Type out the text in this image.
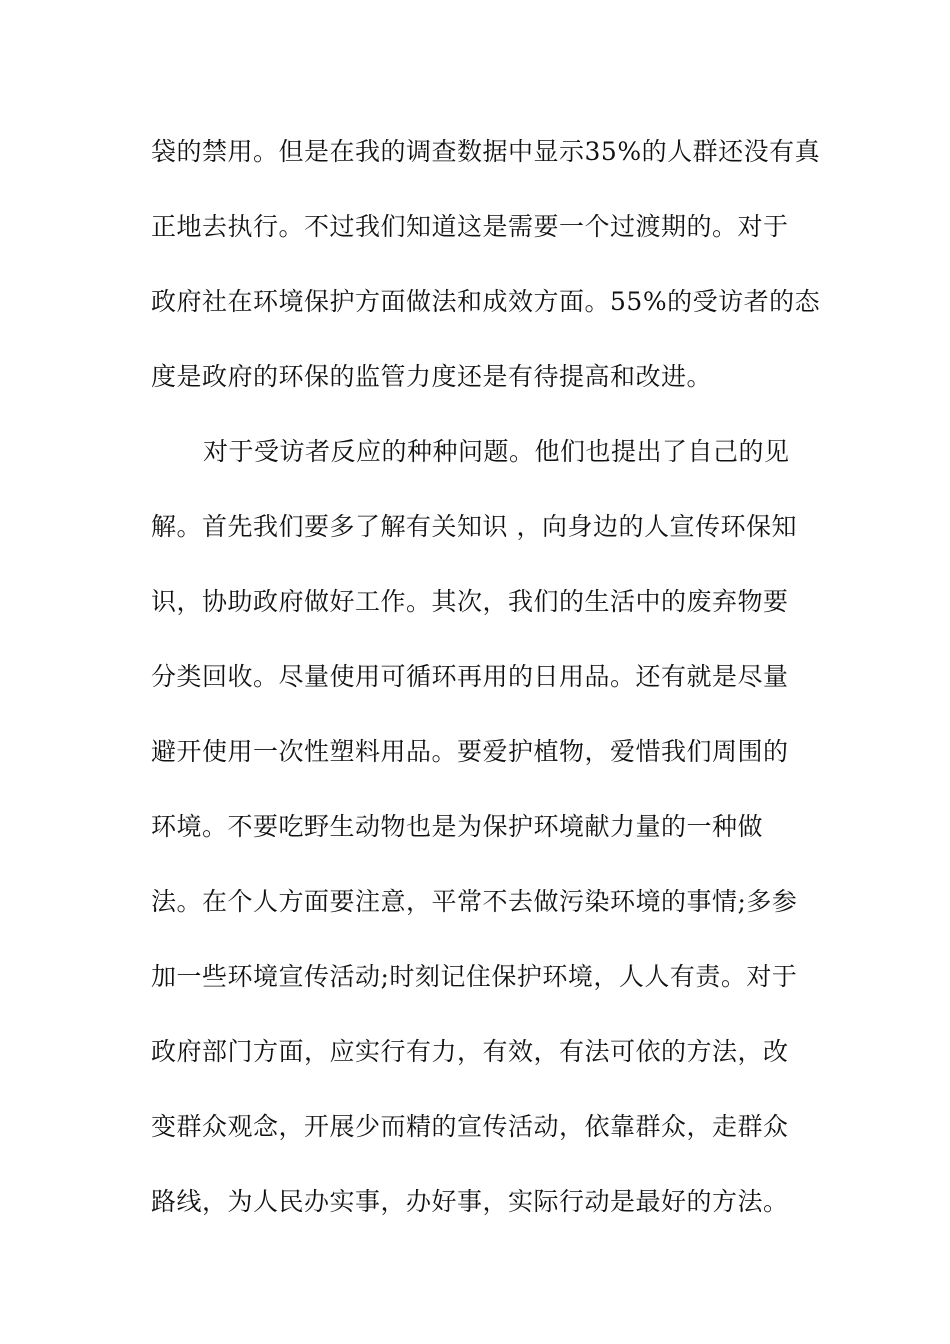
袋的禁用。但是在我的调查数据中显示35%的人群还没有真
正地去执行。不过我们知道这是需要一个过渡期的。对于
政府社在环境保护方面做法和成效方面。55%的受访者的态
度是政府的环保的监管力度还是有待提高和改进。
对于受访者反应的种种问题。他们也提出了自己的见
解。首先我们要多了解有关知识 ，向身边的人宣传环保知
识，协助政府做好工作。其次，我们的生活中的废弃物要
分类回收。尽量使用可循环再用的日用品。还有就是尽量
避开使用一次性塑料用品。要爱护植物，爱惜我们周围的
环境。不要吃野生动物也是为保护环境献力量的一种做
法。在个人方面要注意，平常不去做污染环境的事情;多参
加一些环境宣传活动;时刻记住保护环境，人人有责。对于
政府部门方面，应实行有力，有效，有法可依的方法，改
变群众观念，开展少而精的宣传活动，依靠群众，走群众
路线，为人民办实事，办好事，实际行动是最好的方法。
